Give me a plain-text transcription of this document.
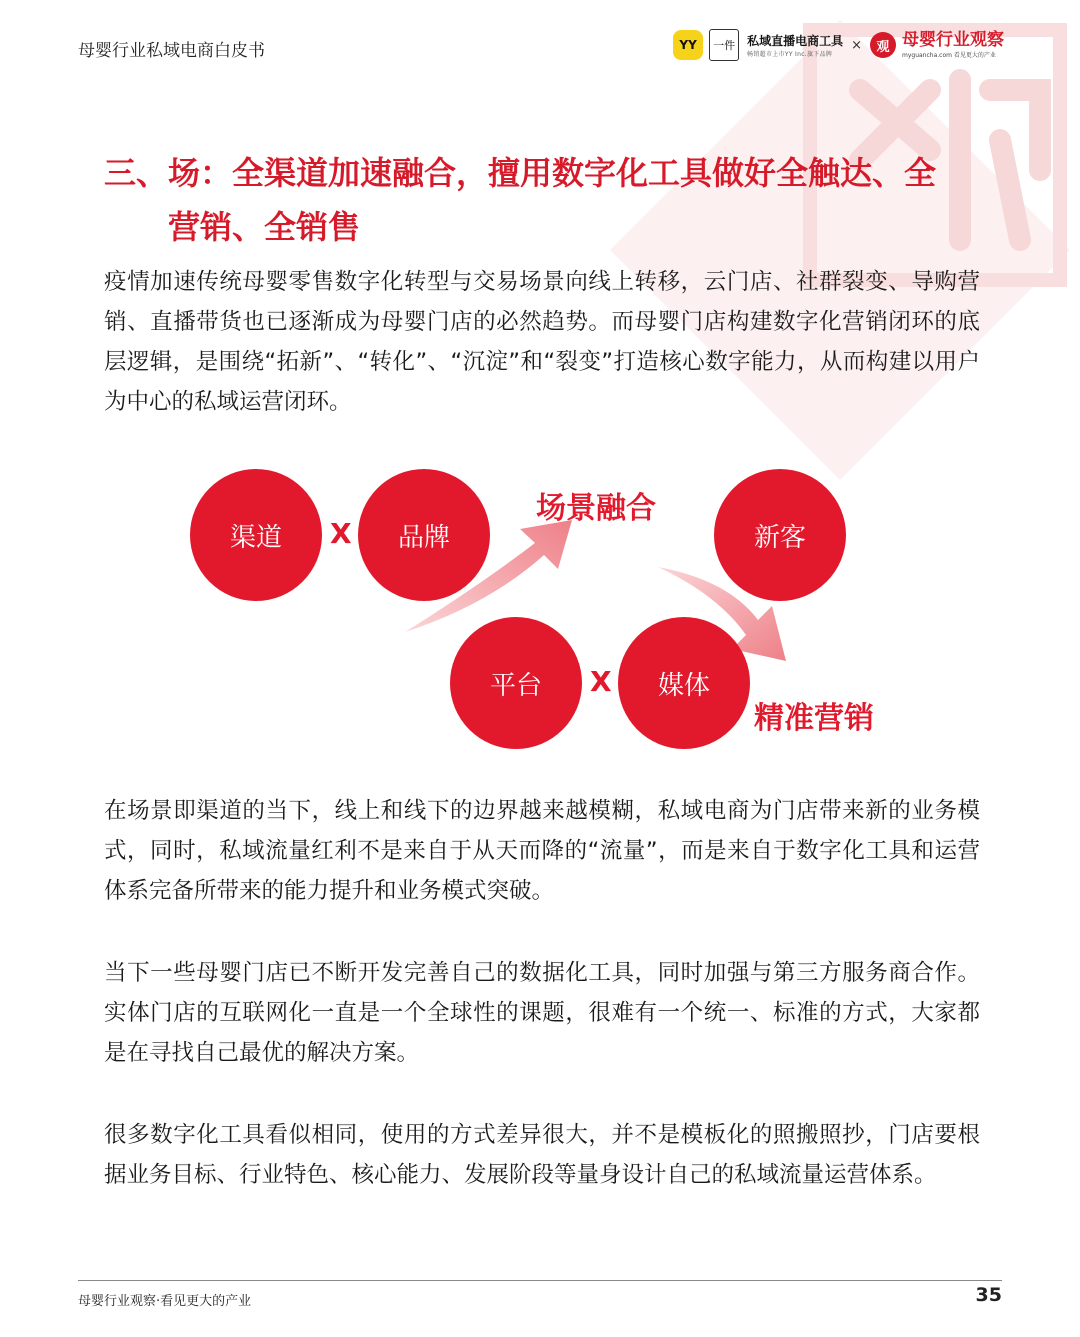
母婴行业私域电商白皮书	YY	一件	私域直播电商工具
畅销超市上市YY Inc.旗下品牌
×	观 母婴行业观察
myguancha.com 看见更大的产业
三、场：全渠道加速融合，擅用数字化工具做好全触达、全
营销、全销售

疫情加速传统母婴零售数字化转型与交易场景向线上转移，云门店、社群裂变、导购营销、直播带货也已逐渐成为母婴门店的必然趋势。而母婴门店构建数字化营销闭环的底层逻辑，是围绕“拓新”、“转化”、“沉淀”和“裂变”打造核心数字能力，从而构建以用户为中心的私域运营闭环。

渠道	X	品牌
场景融合
新客
平台	X	媒体
精准营销

在场景即渠道的当下，线上和线下的边界越来越模糊，私域电商为门店带来新的业务模式，同时，私域流量红利不是来自于从天而降的“流量”，而是来自于数字化工具和运营体系完备所带来的能力提升和业务模式突破。

当下一些母婴门店已不断开发完善自己的数据化工具，同时加强与第三方服务商合作。实体门店的互联网化一直是一个全球性的课题，很难有一个统一、标准的方式，大家都是在寻找自己最优的解决方案。

很多数字化工具看似相同，使用的方式差异很大，并不是模板化的照搬照抄，门店要根据业务目标、行业特色、核心能力、发展阶段等量身设计自己的私域流量运营体系。

母婴行业观察·看见更大的产业	35
